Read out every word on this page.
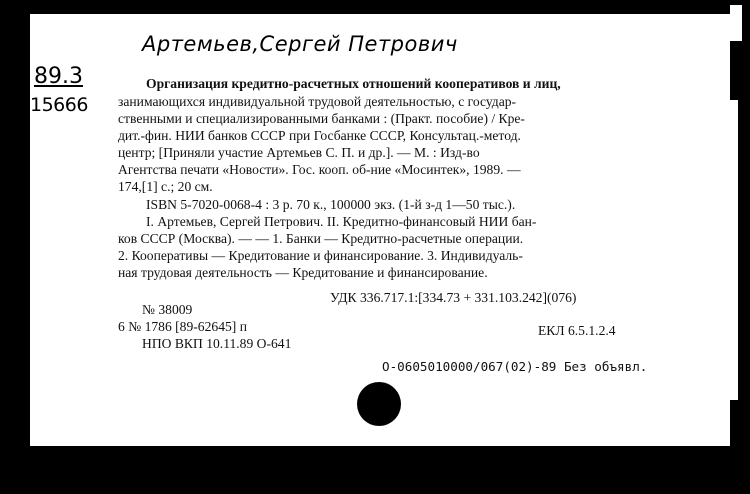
Артемьев,Сергей Петрович
89.3
15666
Организация кредитно-расчетных отношений кооперативов и лиц,
занимающихся индивидуальной трудовой деятельностью, с государ-
ственными и специализированными банками : (Практ. пособие) / Кре-
дит.-фин. НИИ банков СССР при Госбанке СССР, Консультац.-метод.
центр; [Приняли участие Артемьев С. П. и др.]. — М. : Изд-во
Агентства печати «Новости». Гос. кооп. об-ние «Мосинтек», 1989. —
174,[1] с.; 20 см.
ISBN 5-7020-0068-4 : 3 р. 70 к., 100000 экз. (1-й з-д 1—50 тыс.).
I. Артемьев, Сергей Петрович. II. Кредитно-финансовый НИИ бан-
ков СССР (Москва). — — 1. Банки — Кредитно-расчетные операции.
2. Кооперативы — Кредитование и финансирование. 3. Индивидуаль-
ная трудовая деятельность — Кредитование и финансирование.
УДК 336.717.1:[334.73 + 331.103.242](076)
№ 38009
6 № 1786 [89-62645] п	ЕКЛ 6.5.1.2.4
НПО ВКП 10.11.89 О-641
О-0605010000/067(02)-89 Без объявл.
